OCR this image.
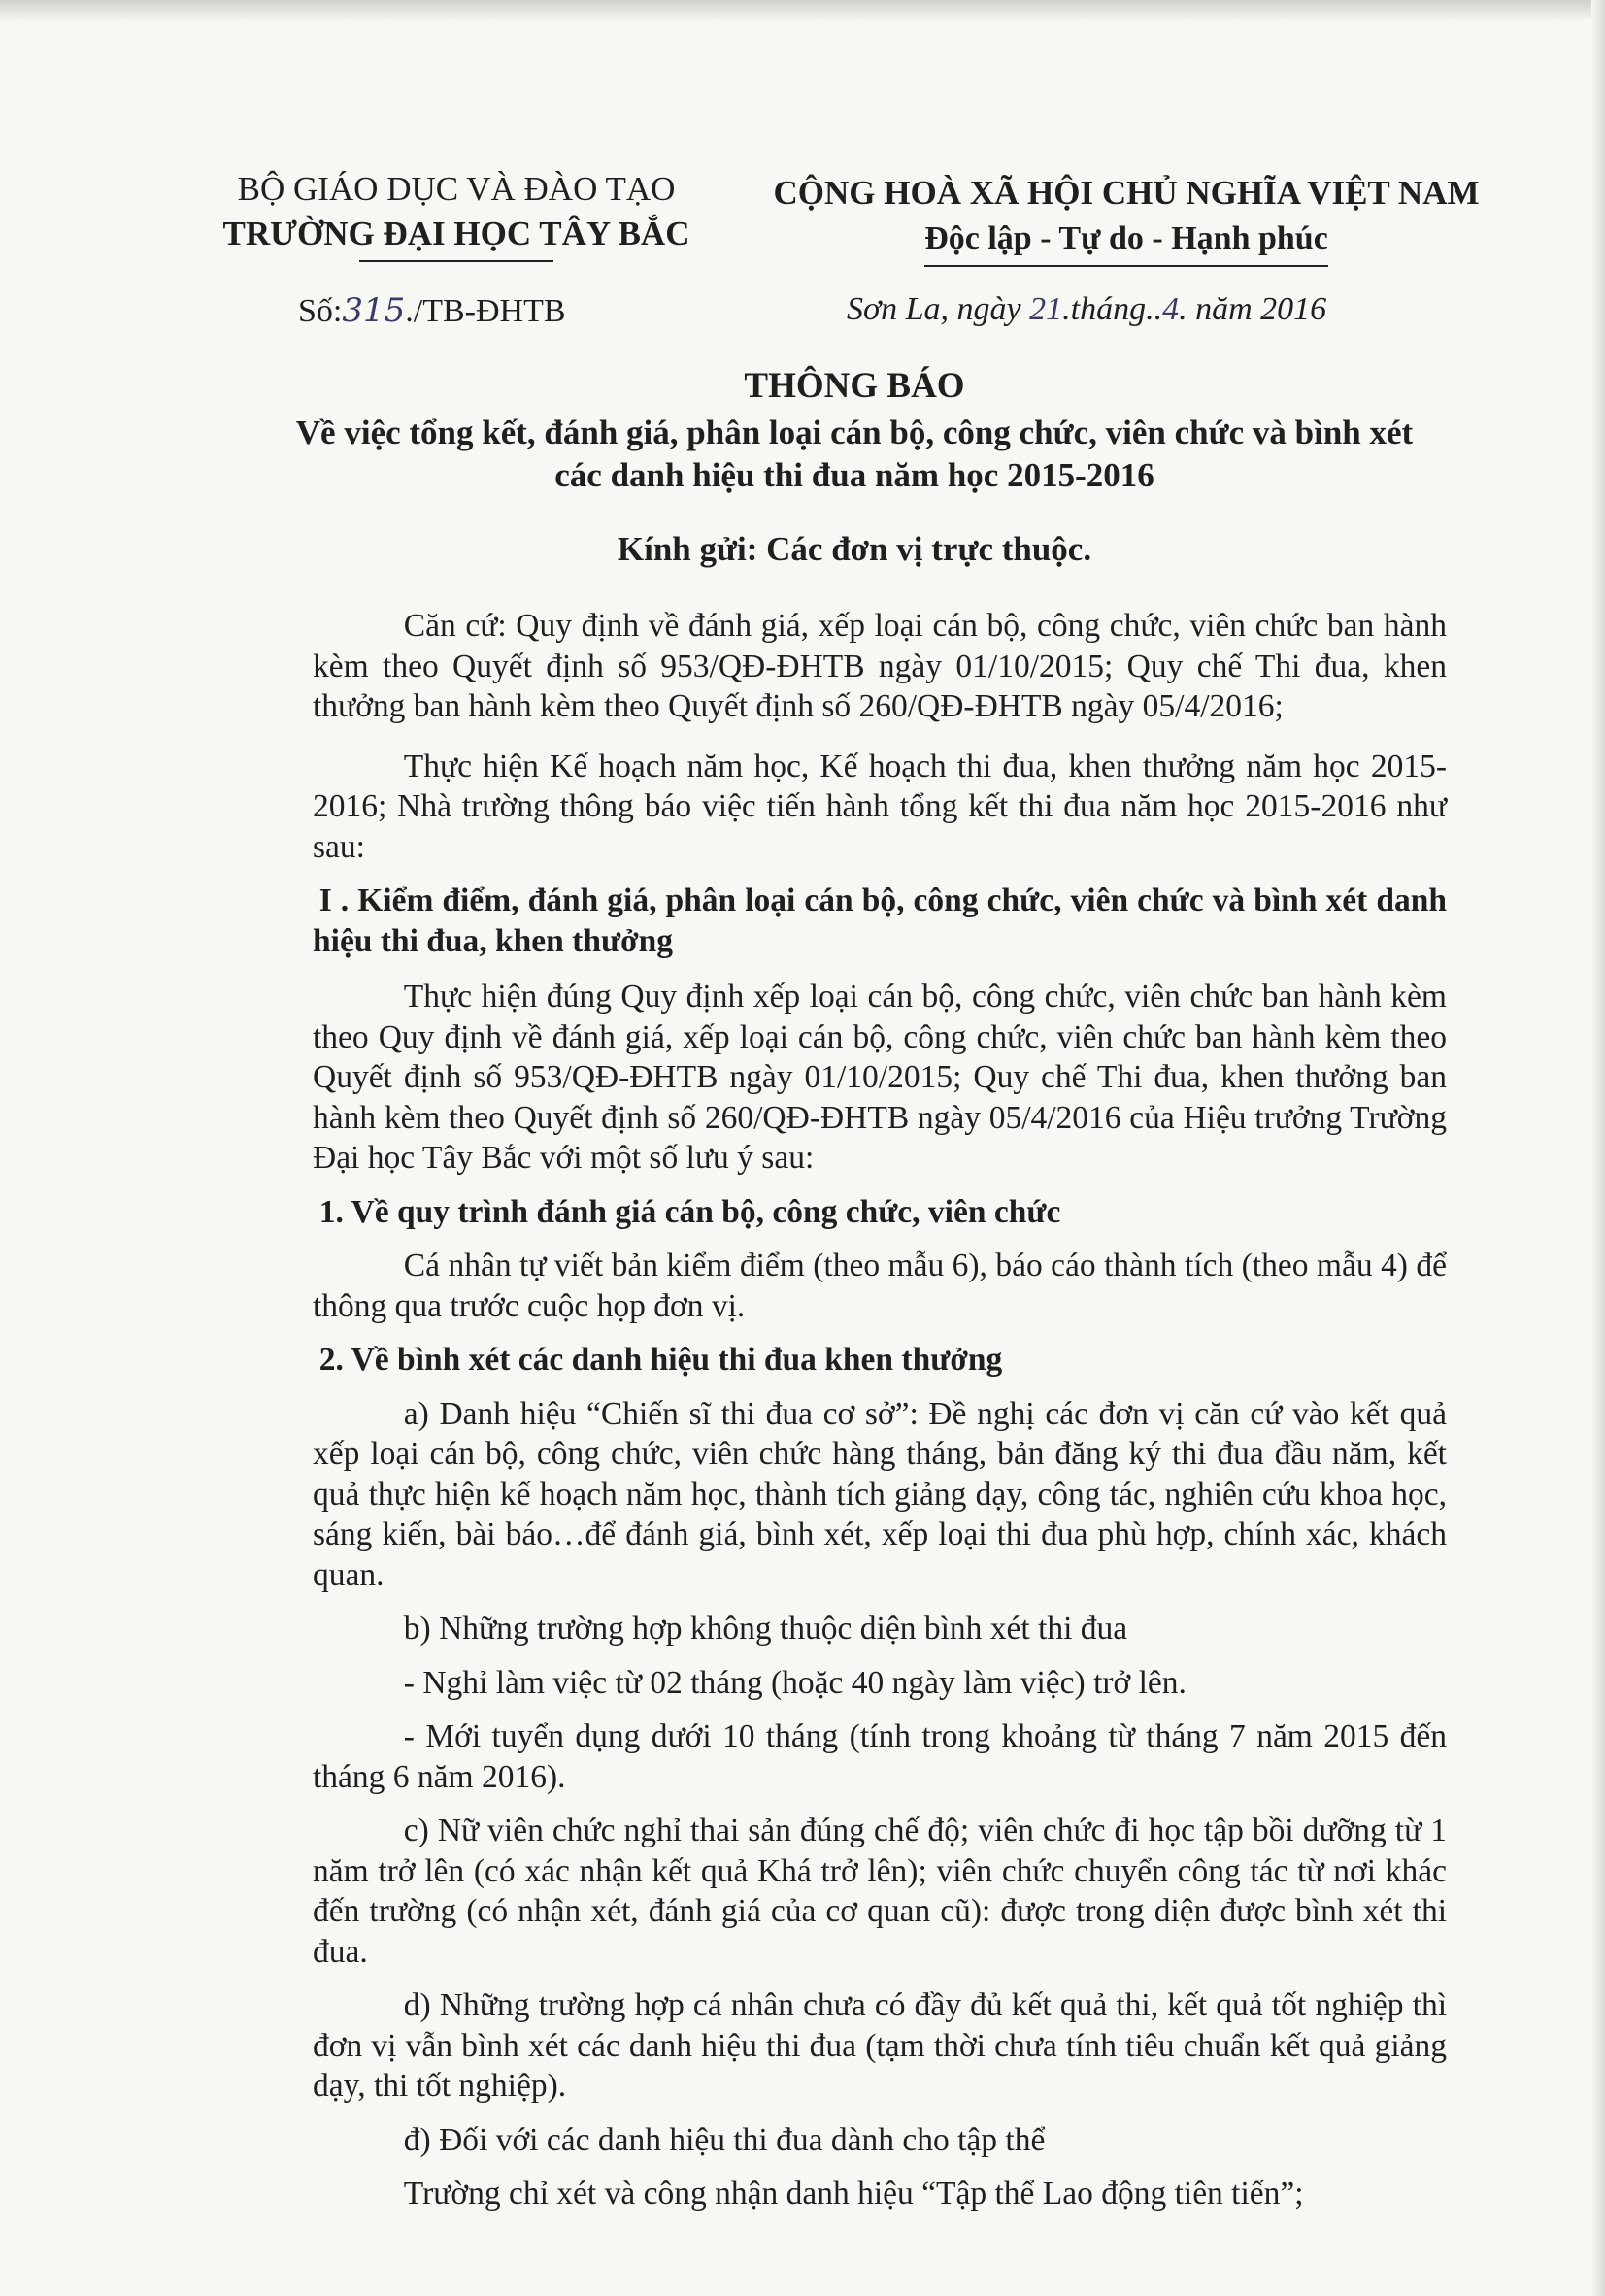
BỘ GIÁO DỤC VÀ ĐÀO TẠO
TRƯỜNG ĐẠI HỌC TÂY BẮC
CỘNG HOÀ XÃ HỘI CHỦ NGHĨA VIỆT NAM
Độc lập - Tự do - Hạnh phúc
Số:315./TB-ĐHTB	Sơn La, ngày 21.tháng..4. năm 2016
THÔNG BÁO
Về việc tổng kết, đánh giá, phân loại cán bộ, công chức, viên chức và bình xét
các danh hiệu thi đua năm học 2015-2016
Kính gửi: Các đơn vị trực thuộc.

Căn cứ: Quy định về đánh giá, xếp loại cán bộ, công chức, viên chức ban hành kèm theo Quyết định số 953/QĐ-ĐHTB ngày 01/10/2015; Quy chế Thi đua, khen thưởng ban hành kèm theo Quyết định số 260/QĐ-ĐHTB ngày 05/4/2016;

Thực hiện Kế hoạch năm học, Kế hoạch thi đua, khen thưởng năm học 2015-2016; Nhà trường thông báo việc tiến hành tổng kết thi đua năm học 2015-2016 như sau:

I . Kiểm điểm, đánh giá, phân loại cán bộ, công chức, viên chức và bình xét danh hiệu thi đua, khen thưởng

Thực hiện đúng Quy định xếp loại cán bộ, công chức, viên chức ban hành kèm theo Quy định về đánh giá, xếp loại cán bộ, công chức, viên chức ban hành kèm theo Quyết định số 953/QĐ-ĐHTB ngày 01/10/2015; Quy chế Thi đua, khen thưởng ban hành kèm theo Quyết định số 260/QĐ-ĐHTB ngày 05/4/2016 của Hiệu trưởng Trường Đại học Tây Bắc với một số lưu ý sau:

1. Về quy trình đánh giá cán bộ, công chức, viên chức

Cá nhân tự viết bản kiểm điểm (theo mẫu 6), báo cáo thành tích (theo mẫu 4) để thông qua trước cuộc họp đơn vị.

2. Về bình xét các danh hiệu thi đua khen thưởng

a) Danh hiệu “Chiến sĩ thi đua cơ sở”: Đề nghị các đơn vị căn cứ vào kết quả xếp loại cán bộ, công chức, viên chức hàng tháng, bản đăng ký thi đua đầu năm, kết quả thực hiện kế hoạch năm học, thành tích giảng dạy, công tác, nghiên cứu khoa học, sáng kiến, bài báo…để đánh giá, bình xét, xếp loại thi đua phù hợp, chính xác, khách quan.

b) Những trường hợp không thuộc diện bình xét thi đua

- Nghỉ làm việc từ 02 tháng (hoặc 40 ngày làm việc) trở lên.

- Mới tuyển dụng dưới 10 tháng (tính trong khoảng từ tháng 7 năm 2015 đến tháng 6 năm 2016).

c) Nữ viên chức nghỉ thai sản đúng chế độ; viên chức đi học tập bồi dưỡng từ 1 năm trở lên (có xác nhận kết quả Khá trở lên); viên chức chuyển công tác từ nơi khác đến trường (có nhận xét, đánh giá của cơ quan cũ): được trong diện được bình xét thi đua.

d) Những trường hợp cá nhân chưa có đầy đủ kết quả thi, kết quả tốt nghiệp thì đơn vị vẫn bình xét các danh hiệu thi đua (tạm thời chưa tính tiêu chuẩn kết quả giảng dạy, thi tốt nghiệp).

đ) Đối với các danh hiệu thi đua dành cho tập thể

Trường chỉ xét và công nhận danh hiệu “Tập thể Lao động tiên tiến”;
